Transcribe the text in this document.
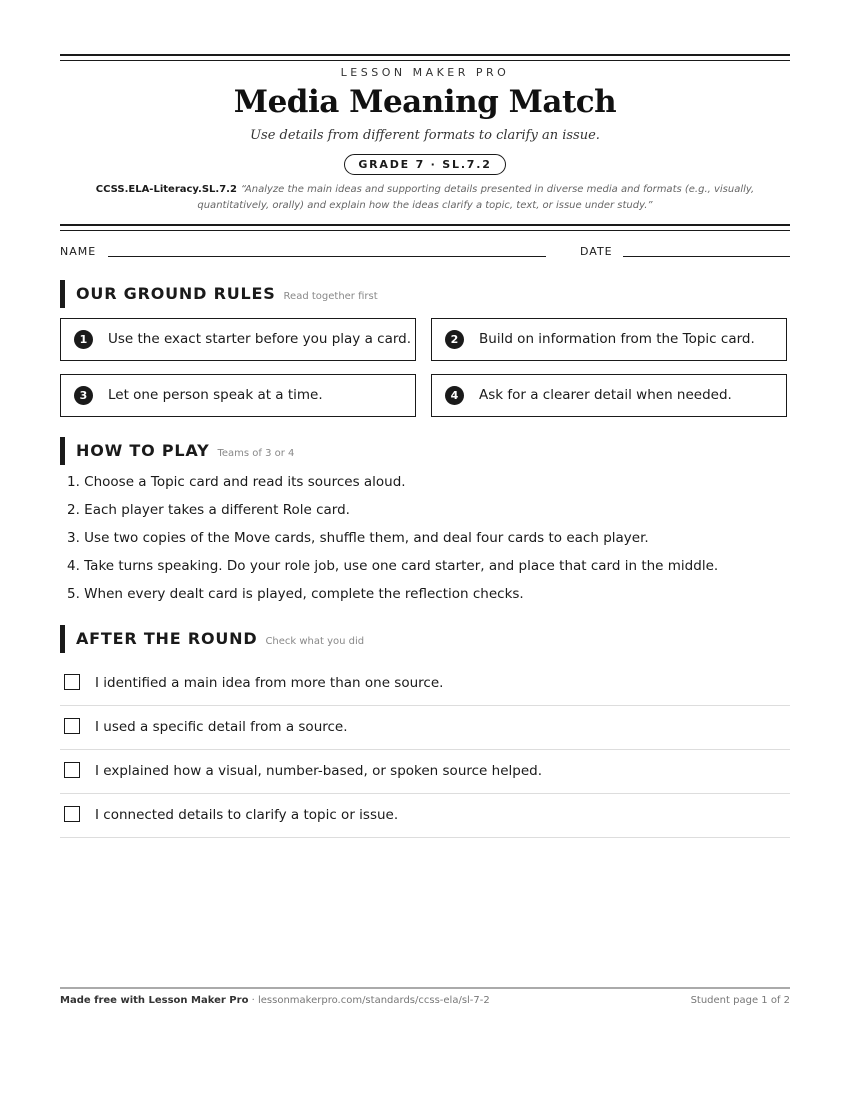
LESSON MAKER PRO
Media Meaning Match
Use details from different formats to clarify an issue.
GRADE 7 · SL.7.2
CCSS.ELA-Literacy.SL.7.2 “Analyze the main ideas and supporting details presented in diverse media and formats (e.g., visually, quantitatively, orally) and explain how the ideas clarify a topic, text, or issue under study.”
NAME	DATE
OUR GROUND RULES Read together first
1	Use the exact starter before you play a card.	2	Build on information from the Topic card.
3	Let one person speak at a time.	4	Ask for a clearer detail when needed.
HOW TO PLAY Teams of 3 or 4
1. Choose a Topic card and read its sources aloud.
2. Each player takes a different Role card.
3. Use two copies of the Move cards, shuffle them, and deal four cards to each player.
4. Take turns speaking. Do your role job, use one card starter, and place that card in the middle.
5. When every dealt card is played, complete the reflection checks.
AFTER THE ROUND Check what you did
I identified a main idea from more than one source.
I used a specific detail from a source.
I explained how a visual, number-based, or spoken source helped.
I connected details to clarify a topic or issue.
Made free with Lesson Maker Pro · lessonmakerpro.com/standards/ccss-ela/sl-7-2	Student page 1 of 2
